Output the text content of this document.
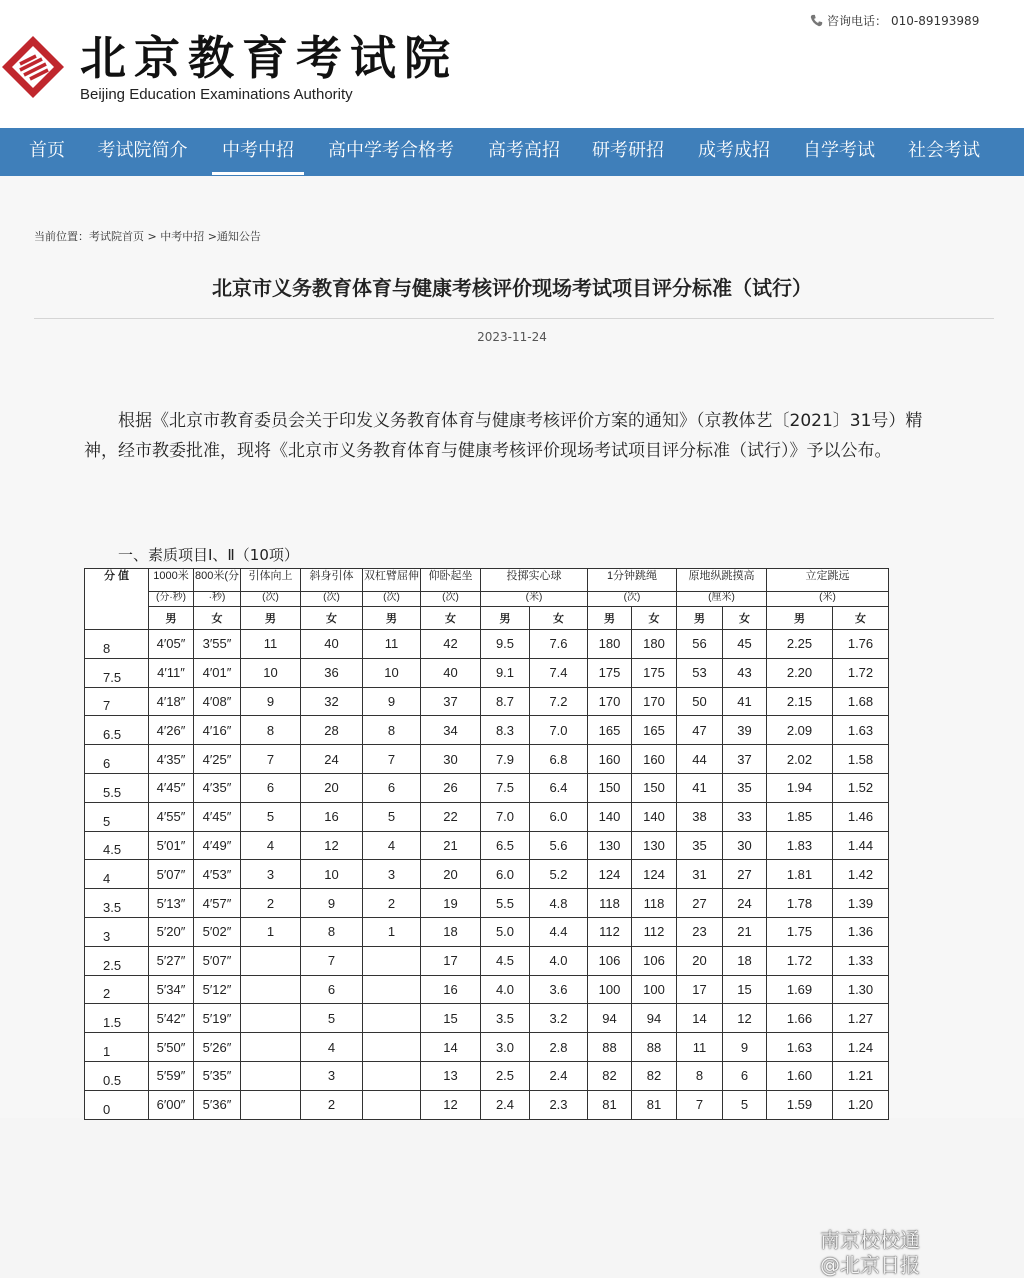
北京教育考试院
Beijing Education Examinations Authority
咨询电话： 010-89193989
首页 考试院简介	中考中招	高中学考合格考 高考高招 研考研招 成考成招 自学考试 社会考试
当前位置：考试院首页 > 中考中招 >通知公告
北京市义务教育体育与健康考核评价现场考试项目评分标准（试行）
2023-11-24
根据《北京市教育委员会关于印发义务教育体育与健康考核评价方案的通知》（京教体艺〔2021〕31号）精神，经市教委批准，现将《北京市义务教育体育与健康考核评价现场考试项目评分标准（试行）》予以公布。
一、素质项目Ⅰ、Ⅱ（10项）
分 值	1000米	800米(分	引体向上	斜身引体	双杠臂屈伸	仰卧起坐	投掷实心球		1分钟跳绳		原地纵跳摸高		立定跳远	
	(分·秒)	·秒)	(次)	(次)	(次)	(次)	(米)		(次)		(厘米)		(米)	
	男	女	男	女	男	女	男	女	男	女	男	女	男	女
8	4′05″	3′55″	11	40	11	42	9.5	7.6	180	180	56	45	2.25	1.76
7.5	4′11″	4′01″	10	36	10	40	9.1	7.4	175	175	53	43	2.20	1.72
7	4′18″	4′08″	9	32	9	37	8.7	7.2	170	170	50	41	2.15	1.68
6.5	4′26″	4′16″	8	28	8	34	8.3	7.0	165	165	47	39	2.09	1.63
6	4′35″	4′25″	7	24	7	30	7.9	6.8	160	160	44	37	2.02	1.58
5.5	4′45″	4′35″	6	20	6	26	7.5	6.4	150	150	41	35	1.94	1.52
5	4′55″	4′45″	5	16	5	22	7.0	6.0	140	140	38	33	1.85	1.46
4.5	5′01″	4′49″	4	12	4	21	6.5	5.6	130	130	35	30	1.83	1.44
4	5′07″	4′53″	3	10	3	20	6.0	5.2	124	124	31	27	1.81	1.42
3.5	5′13″	4′57″	2	9	2	19	5.5	4.8	118	118	27	24	1.78	1.39
3	5′20″	5′02″	1	8	1	18	5.0	4.4	112	112	23	21	1.75	1.36
2.5	5′27″	5′07″		7		17	4.5	4.0	106	106	20	18	1.72	1.33
2	5′34″	5′12″		6		16	4.0	3.6	100	100	17	15	1.69	1.30
1.5	5′42″	5′19″		5		15	3.5	3.2	94	94	14	12	1.66	1.27
1	5′50″	5′26″		4		14	3.0	2.8	88	88	11	9	1.63	1.24
0.5	5′59″	5′35″		3		13	2.5	2.4	82	82	8	6	1.60	1.21
0	6′00″	5′36″		2		12	2.4	2.3	81	81	7	5	1.59	1.20
南京校校通
@北京日报
